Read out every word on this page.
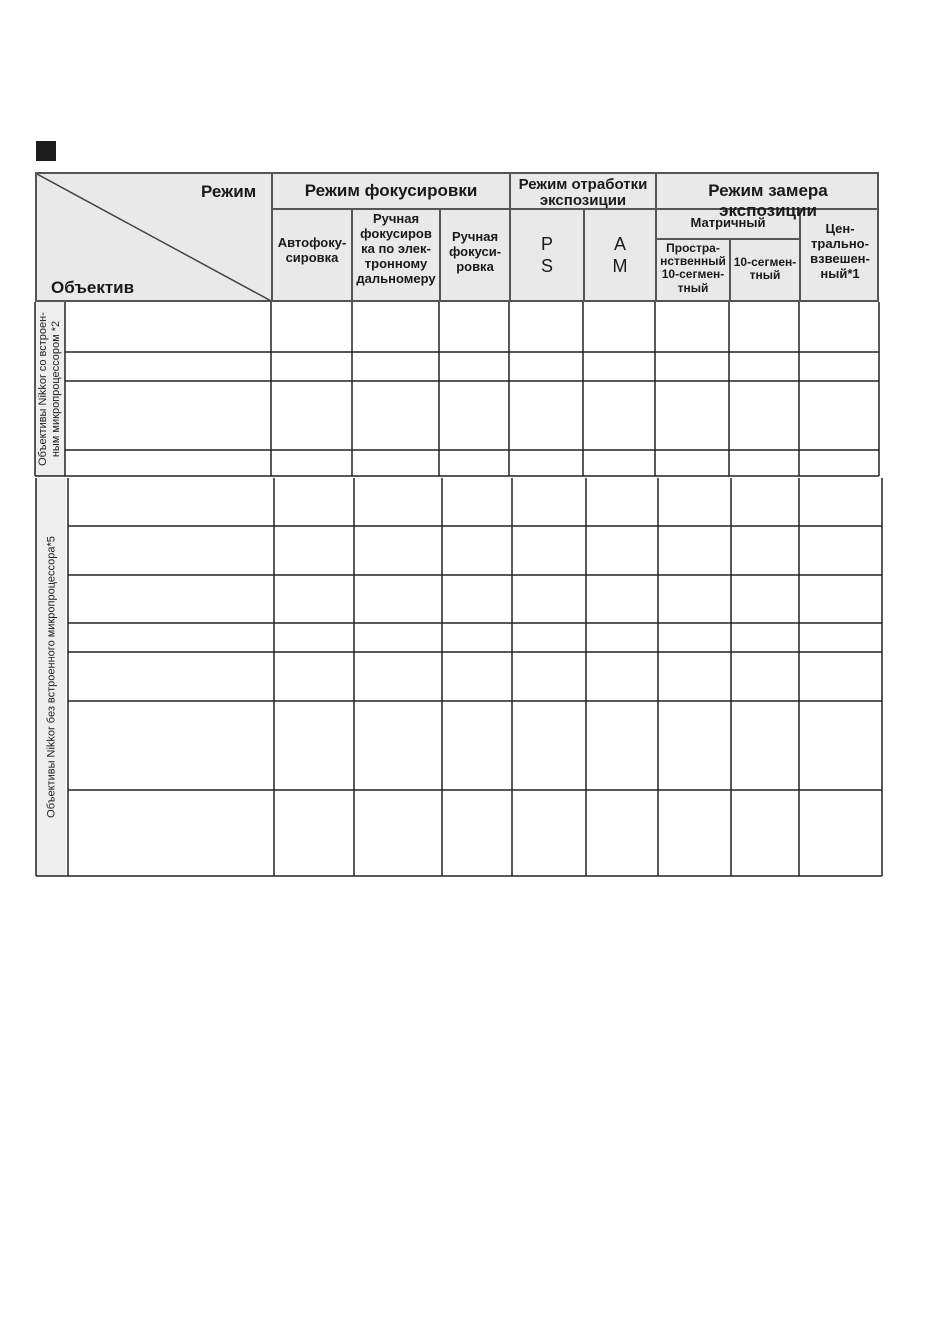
Режим
Объектив
Режим фокусировки	Режим отработки экспозиции
Режим замера экспозиции
Автофоку-
сировка
Ручная
фокусиров
ка по элек-
тронному
дальномеру
Ручная
фокуси-
ровка
P
S
A
M
Матричный
Простра-
нственный
10-сегмен-
тный
10-сегмен-
тный
Цен-
трально-
взвешен-
ный*1
Объективы Nikkor со встроен-
ным микропроцессором *2
Объективы Nikkor без встроенного микропроцессора*5
